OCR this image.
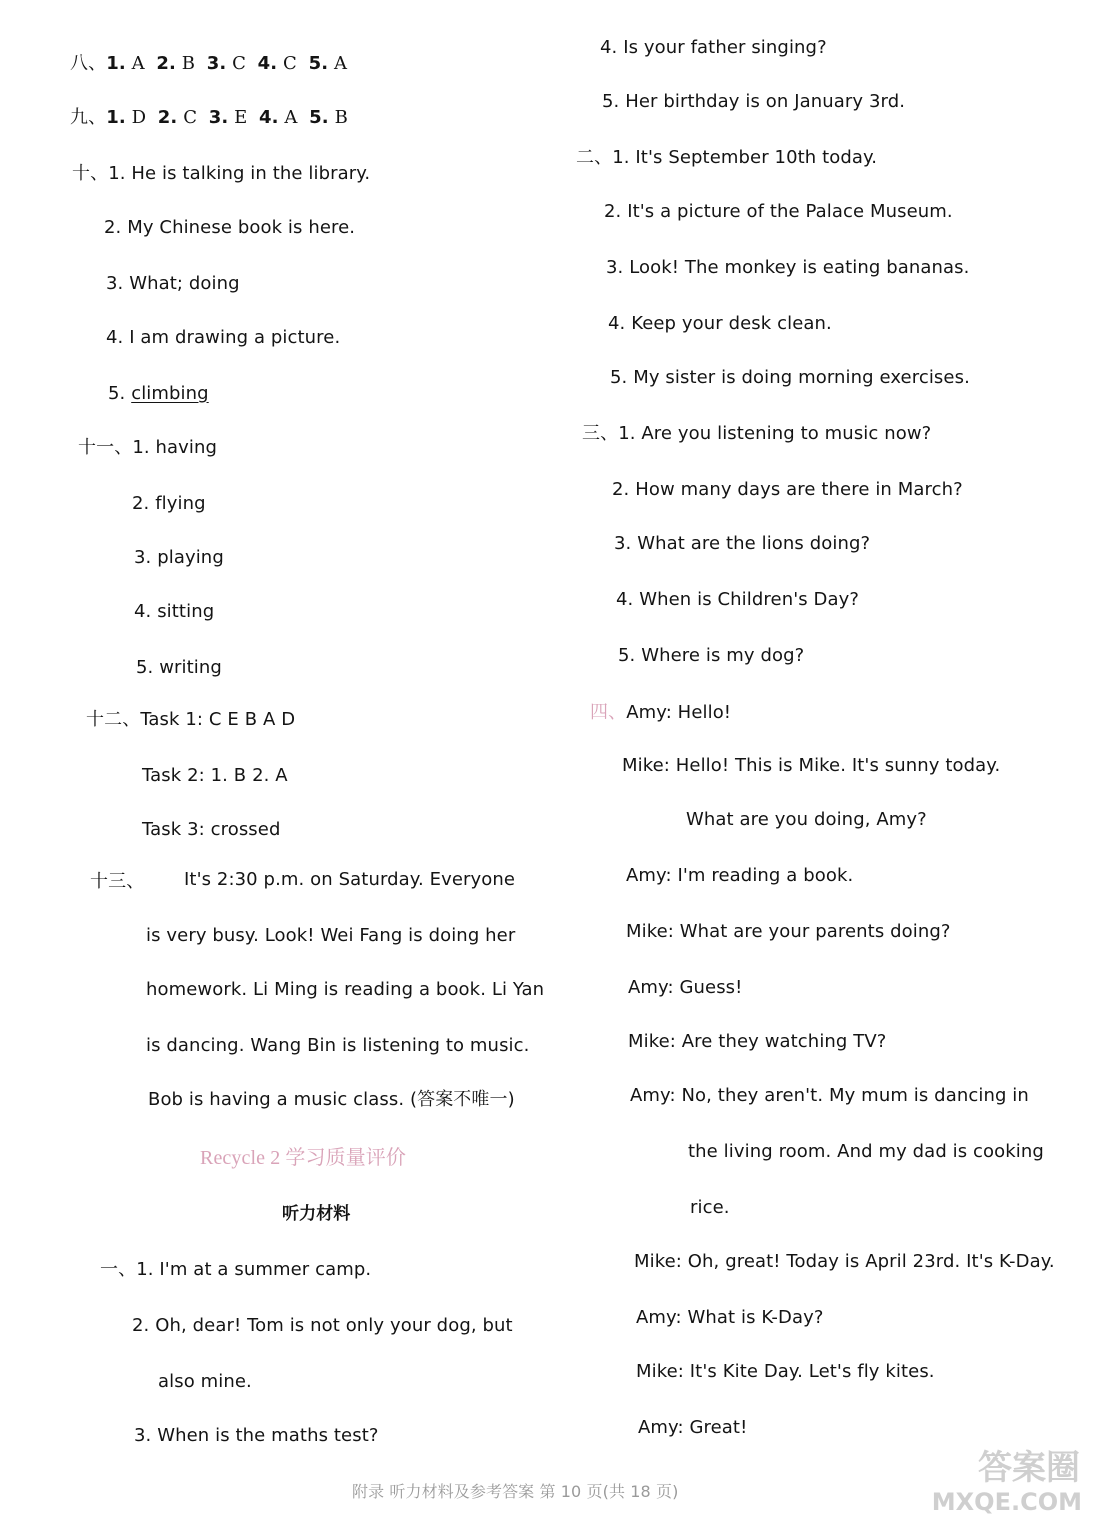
八、1. A 2. B 3. C 4. C 5. A
九、1. D 2. C 3. E 4. A 5. B
十、1. He is talking in the library.
2. My Chinese book is here.
3. What; doing
4. I am drawing a picture.
5. climbing
十一、1. having
2. flying
3. playing
4. sitting
5. writing
十二、Task 1: C E B A D
Task 2: 1. B 2. A
Task 3: crossed
十三、 It's 2:30 p.m. on Saturday. Everyone
is very busy. Look! Wei Fang is doing her
homework. Li Ming is reading a book. Li Yan
is dancing. Wang Bin is listening to music.
Bob is having a music class. (答案不唯一)
Recycle 2 学习质量评价
听力材料
一、1. I'm at a summer camp.
2. Oh, dear! Tom is not only your dog, but
also mine.
3. When is the maths test?
4. Is your father singing?
5. Her birthday is on January 3rd.
二、1. It's September 10th today.
2. It's a picture of the Palace Museum.
3. Look! The monkey is eating bananas.
4. Keep your desk clean.
5. My sister is doing morning exercises.
三、1. Are you listening to music now?
2. How many days are there in March?
3. What are the lions doing?
4. When is Children's Day?
5. Where is my dog?
四、Amy: Hello!
Mike: Hello! This is Mike. It's sunny today.
What are you doing, Amy?
Amy: I'm reading a book.
Mike: What are your parents doing?
Amy: Guess!
Mike: Are they watching TV?
Amy: No, they aren't. My mum is dancing in
the living room. And my dad is cooking
rice.
Mike: Oh, great! Today is April 23rd. It's K-Day.
Amy: What is K-Day?
Mike: It's Kite Day. Let's fly kites.
Amy: Great!
附录 听力材料及参考答案 第 10 页(共 18 页)
答案圈
MXQE.COM
